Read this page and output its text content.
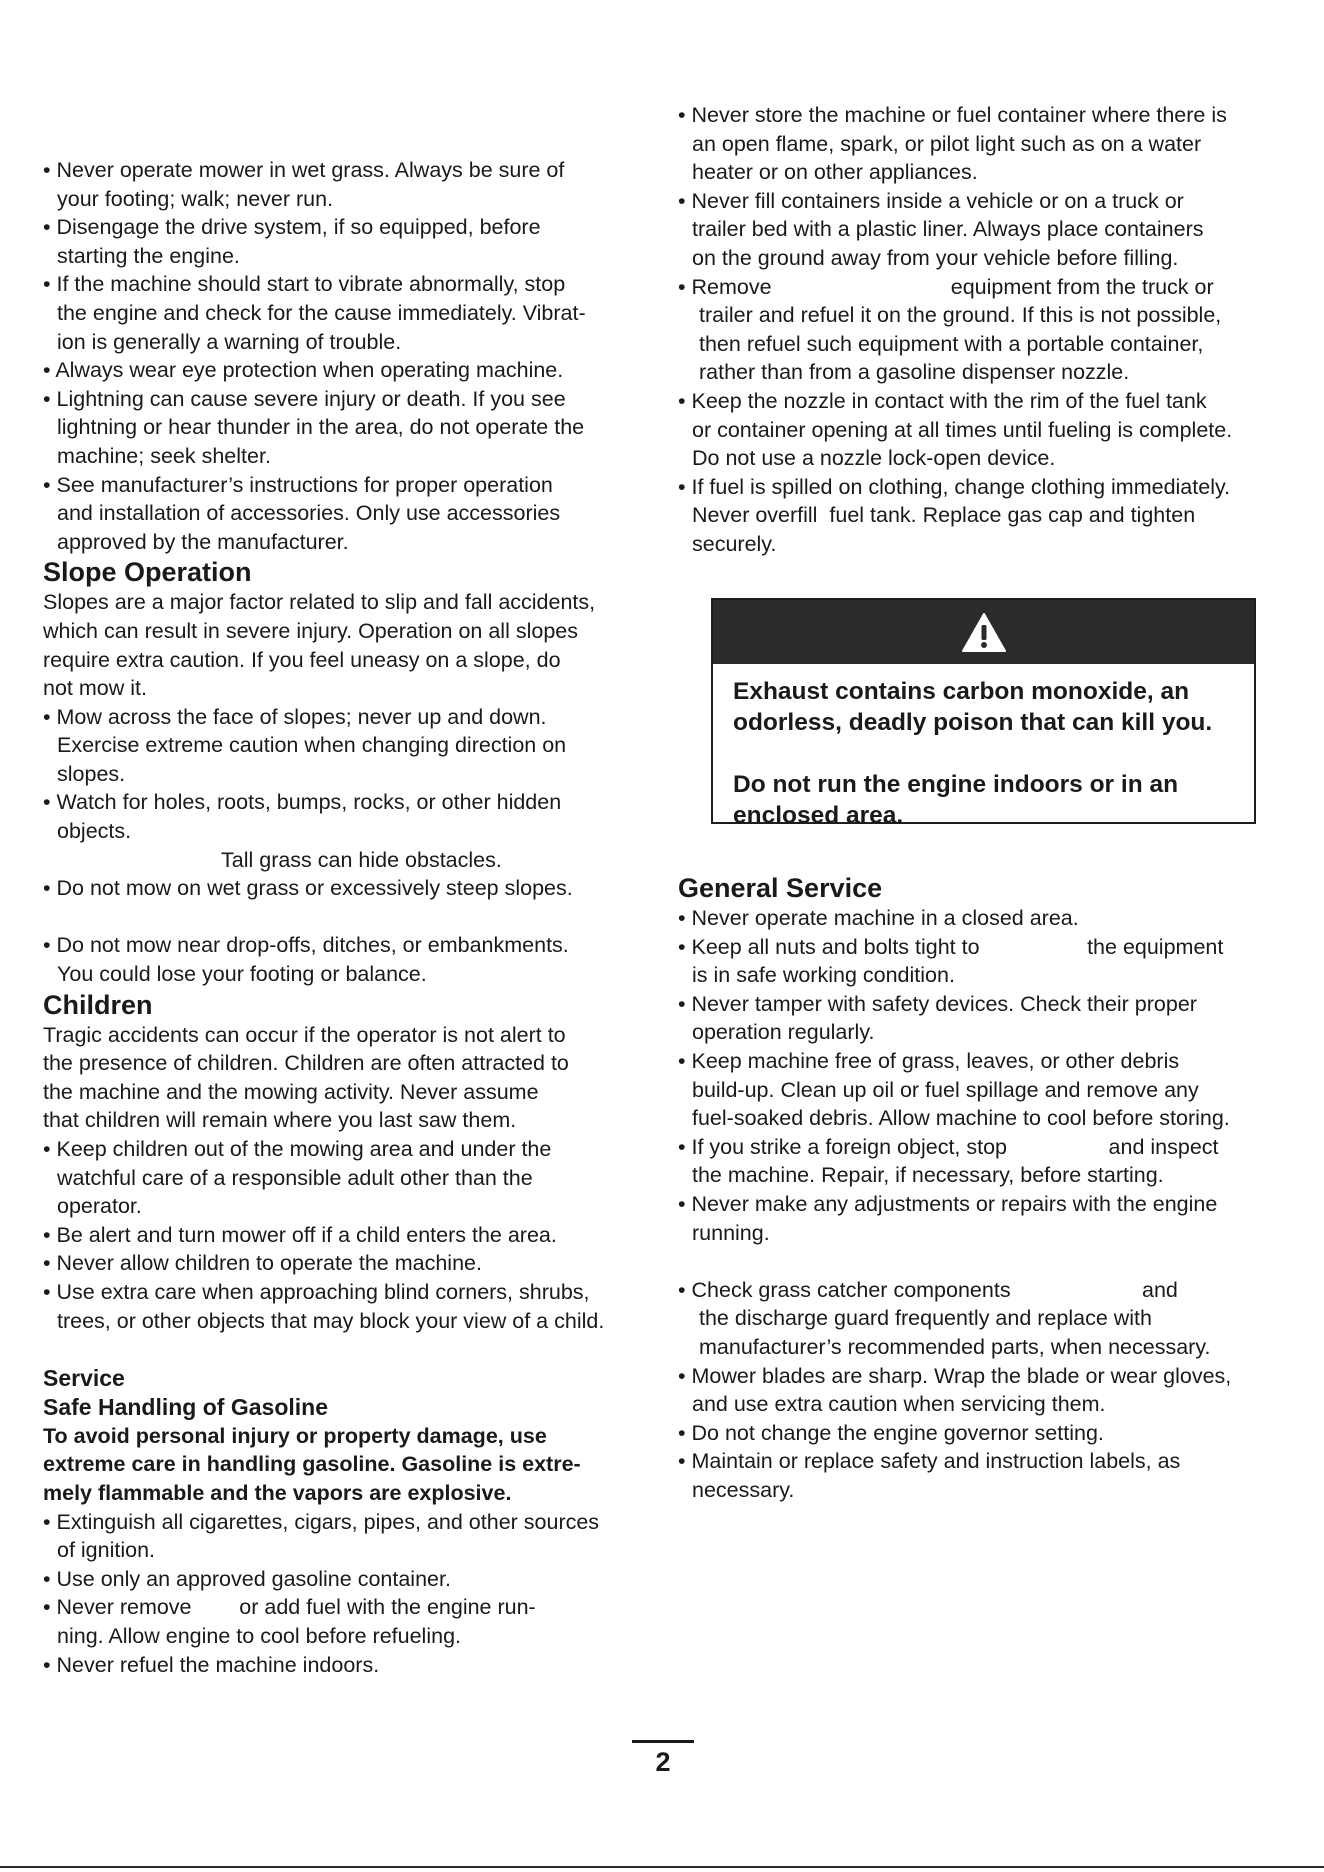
• Never operate mower in wet grass. Always be sure of
your footing; walk; never run.
• Disengage the drive system, if so equipped, before
starting the engine.
• If the machine should start to vibrate abnormally, stop
the engine and check for the cause immediately. Vibrat-
ion is generally a warning of trouble.
• Always wear eye protection when operating machine.
• Lightning can cause severe injury or death. If you see
lightning or hear thunder in the area, do not operate the
machine; seek shelter.
• See manufacturer’s instructions for proper operation
and installation of accessories. Only use accessories
approved by the manufacturer.
Slope Operation
Slopes are a major factor related to slip and fall accidents,
which can result in severe injury. Operation on all slopes
require extra caution. If you feel uneasy on a slope, do
not mow it.
• Mow across the face of slopes; never up and down.
Exercise extreme caution when changing direction on
slopes.
• Watch for holes, roots, bumps, rocks, or other hidden
objects.
Tall grass can hide obstacles.
• Do not mow on wet grass or excessively steep slopes.
• Do not mow near drop-offs, ditches, or embankments.
You could lose your footing or balance.
Children
Tragic accidents can occur if the operator is not alert to
the presence of children. Children are often attracted to
the machine and the mowing activity. Never assume
that children will remain where you last saw them.
• Keep children out of the mowing area and under the
watchful care of a responsible adult other than the
operator.
• Be alert and turn mower off if a child enters the area.
• Never allow children to operate the machine.
• Use extra care when approaching blind corners, shrubs,
trees, or other objects that may block your view of a child.
Service
Safe Handling of Gasoline
To avoid personal injury or property damage, use
extreme care in handling gasoline. Gasoline is extre-
mely flammable and the vapors are explosive.
• Extinguish all cigarettes, cigars, pipes, and other sources
of ignition.
• Use only an approved gasoline container.
• Never remove        or add fuel with the engine run-
ning. Allow engine to cool before refueling.
• Never refuel the machine indoors.
• Never store the machine or fuel container where there is
an open flame, spark, or pilot light such as on a water
heater or on other appliances.
• Never fill containers inside a vehicle or on a truck or
trailer bed with a plastic liner. Always place containers
on the ground away from your vehicle before filling.
• Remove                              equipment from the truck or
trailer and refuel it on the ground. If this is not possible,
then refuel such equipment with a portable container,
rather than from a gasoline dispenser nozzle.
• Keep the nozzle in contact with the rim of the fuel tank
or container opening at all times until fueling is complete.
Do not use a nozzle lock-open device.
• If fuel is spilled on clothing, change clothing immediately.
Never overfill  fuel tank. Replace gas cap and tighten
securely.
Exhaust contains carbon monoxide, an
odorless, deadly poison that can kill you.
Do not run the engine indoors or in an
enclosed area.
General Service
• Never operate machine in a closed area.
• Keep all nuts and bolts tight to                  the equipment
is in safe working condition.
• Never tamper with safety devices. Check their proper
operation regularly.
• Keep machine free of grass, leaves, or other debris
build-up. Clean up oil or fuel spillage and remove any
fuel-soaked debris. Allow machine to cool before storing.
• If you strike a foreign object, stop                 and inspect
the machine. Repair, if necessary, before starting.
• Never make any adjustments or repairs with the engine
running.
• Check grass catcher components                      and
the discharge guard frequently and replace with
manufacturer’s recommended parts, when necessary.
• Mower blades are sharp. Wrap the blade or wear gloves,
and use extra caution when servicing them.
• Do not change the engine governor setting.
• Maintain or replace safety and instruction labels, as
necessary.
2
